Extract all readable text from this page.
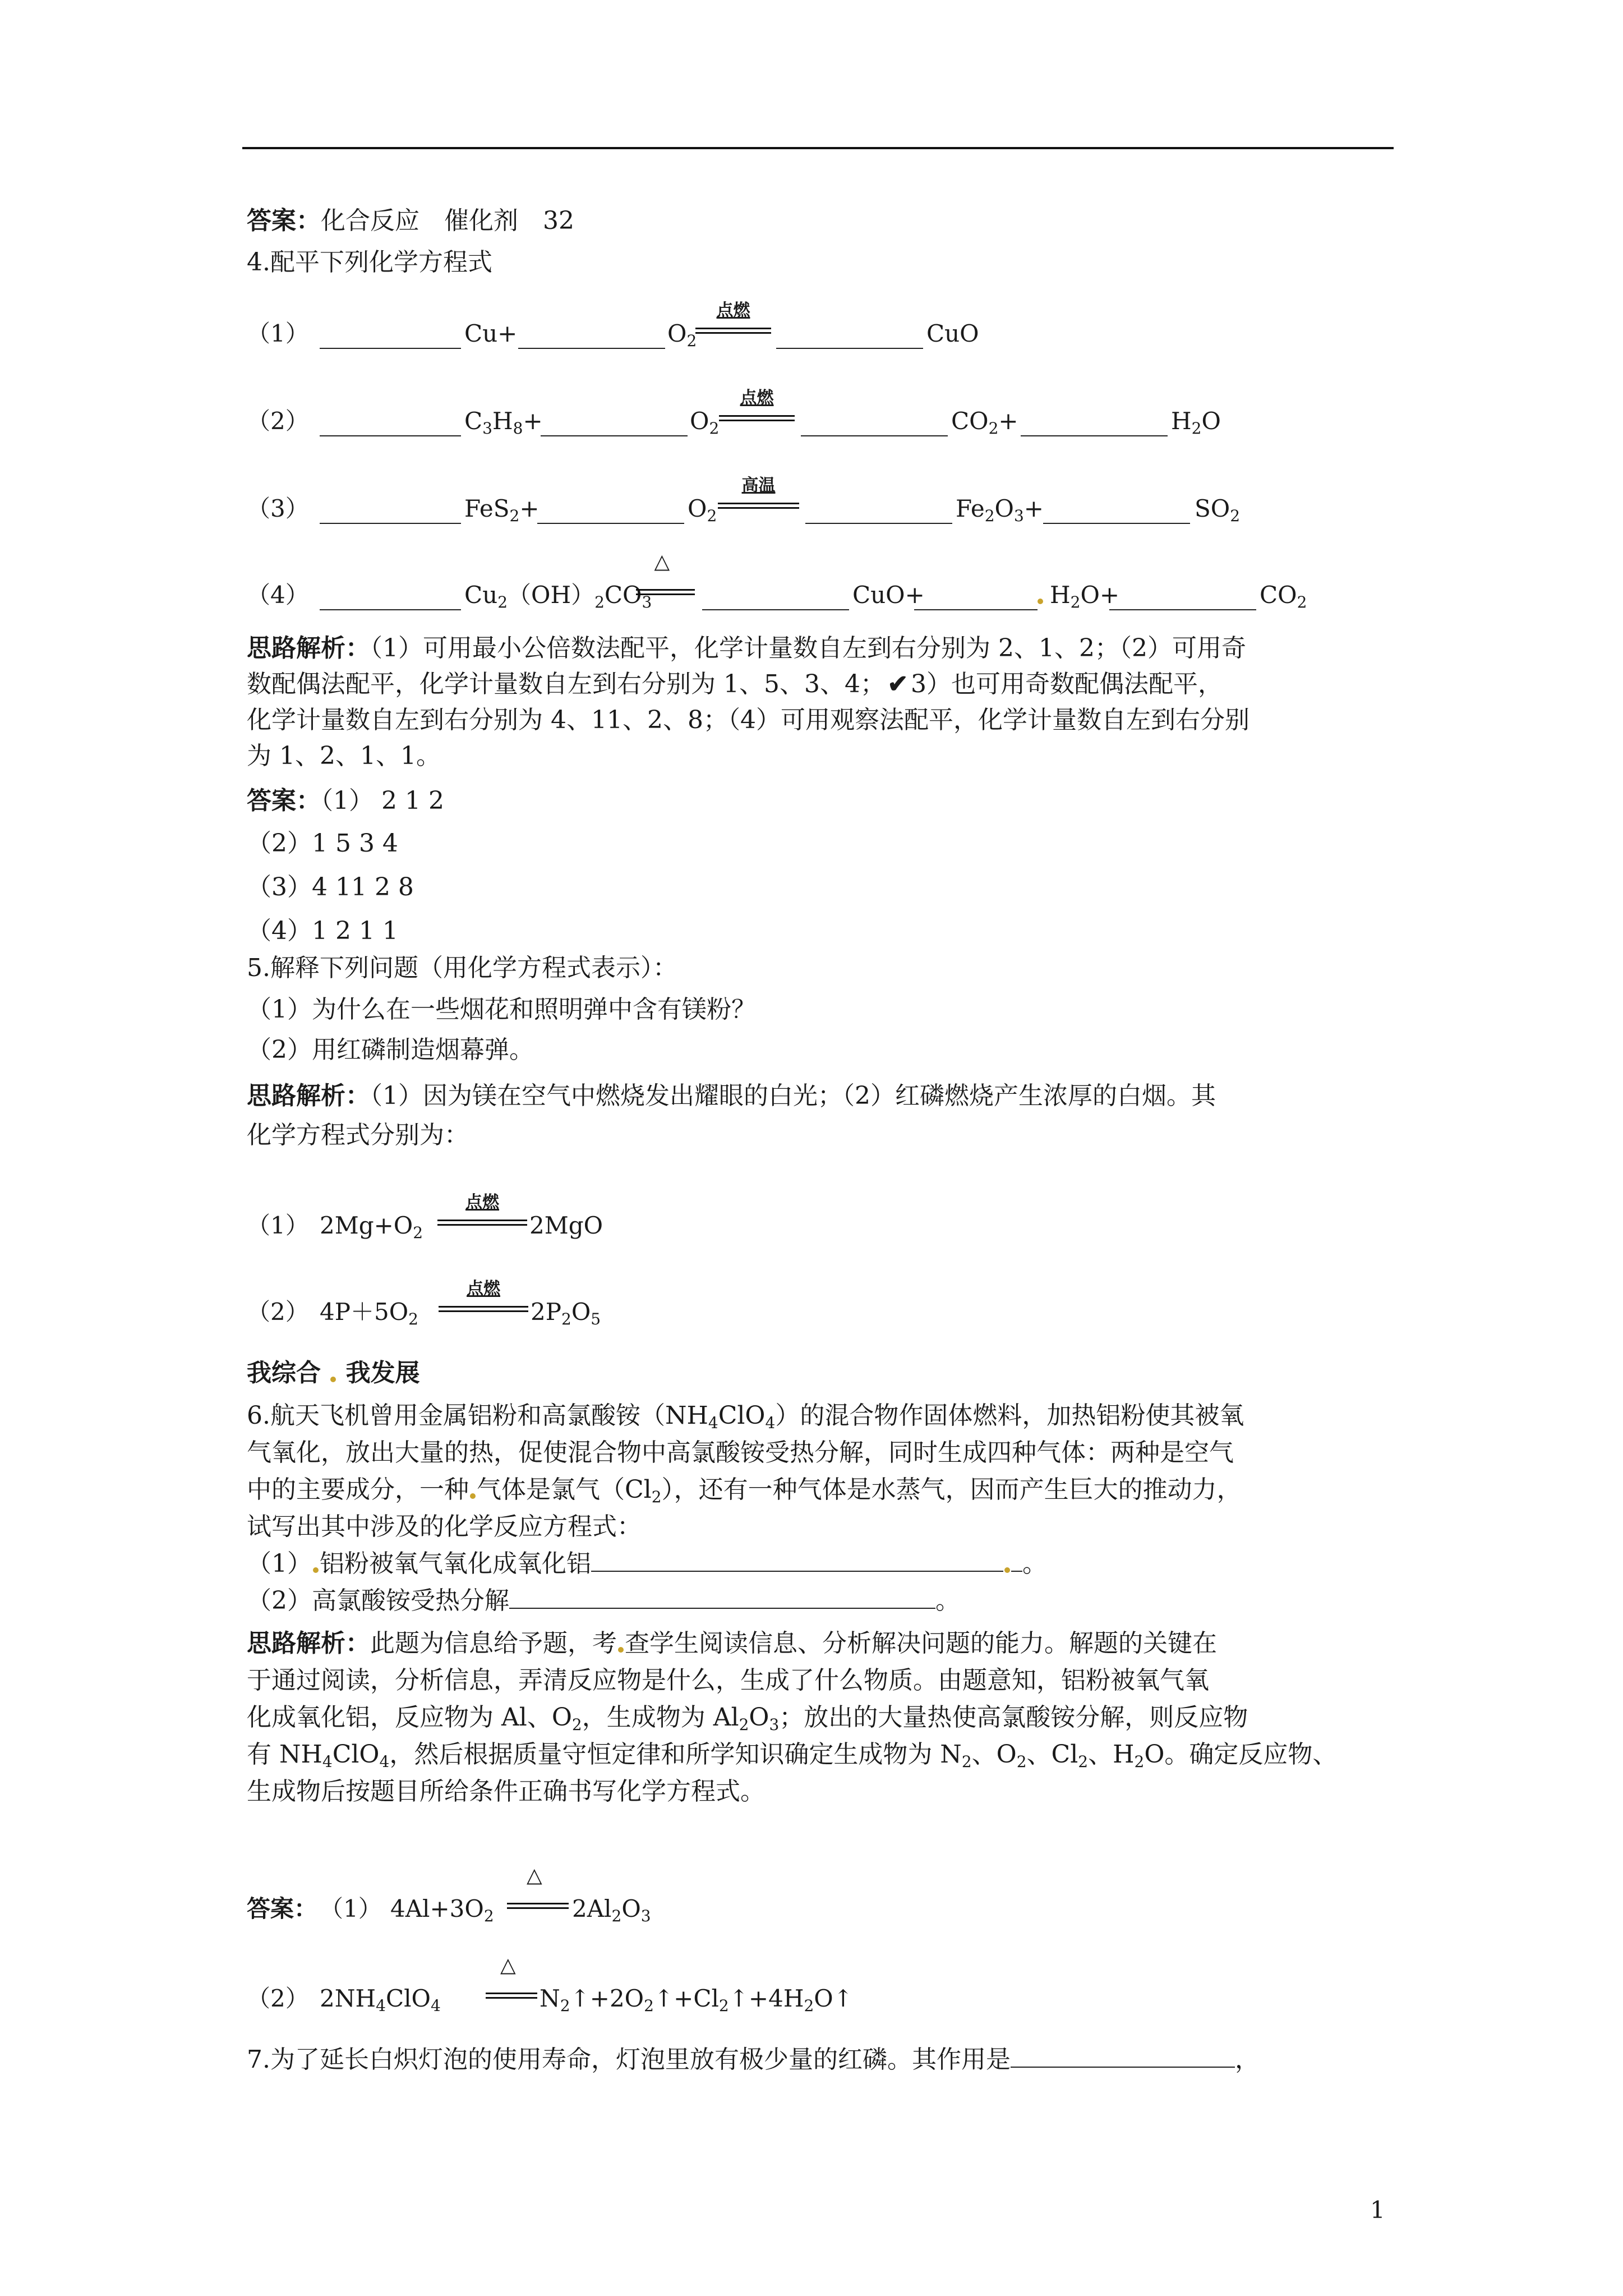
答案：化合反应　催化剂　32
4.配平下列化学方程式
（1）	Cu+	$O_2$
点燃
CuO
（2）	$C_3H_8+$	$O_2$
点燃
$CO_2+$	$H_2O$
（3）	FeS$_2$+	$O_2$
高温
$Fe_2O_3+$	$SO_2$
（4）	$Cu_2(OH)_2CO_3$
△
CuO+	$H_2O+$	$CO_2$
思路解析：（1）可用最小公倍数法配平，化学计量数自左到右分别为 2、1、2；（2）可用奇
数配偶法配平，化学计量数自左到右分别为 1、5、3、4； ✔ 3）也可用奇数配偶法配平，
化学计量数自左到右分别为 4、11、2、8；（4）可用观察法配平，化学计量数自左到右分别
为 1、2、1、1。
答案：（1） 2 1 2
（2）1 5 3 4
（3）4 11 2 8
（4）1 2 1 1
5.解释下列问题（用化学方程式表示）：
（1）为什么在一些烟花和照明弹中含有镁粉？
（2）用红磷制造烟幕弹。
思路解析：（1）因为镁在空气中燃烧发出耀眼的白光；（2）红磷燃烧产生浓厚的白烟。其
化学方程式分别为：
（1） $2Mg+O_2$
点燃
2MgO
（2） $4P+5O_2$
点燃
$2P_2O_5$
我综合 我发展
6.航天飞机曾用金属铝粉和高氯酸铵$(NH_4ClO_4)$的混合物作固体燃料，加热铝粉使其被氧
气氧化，放出大量的热，促使混合物中高氯酸铵受热分解，同时生成四种气体：两种是空气
中的主要成分，一种 气体是氯气$(Cl_2)$，还有一种气体是水蒸气，因而产生巨大的推动力，
试写出其中涉及的化学反应方程式：
（1） 铝粉被氧气氧化成氧化铝	。
（2）高氯酸铵受热分解	。
思路解析：此题为信息给予题，考 查学生阅读信息、分析解决问题的能力。解题的关键在
于通过阅读，分析信息，弄清反应物是什么，生成了什么物质。由题意知，铝粉被氧气氧
化成氧化铝，反应物为 Al、$O_2$，生成物为 $Al_2O_3$；放出的大量热使高氯酸铵分解，则反应物
有 $NH_4ClO_4$，然后根据质量守恒定律和所学知识确定生成物为 $N_2$、$O_2$、$Cl_2$、$H_2O$。确定反应物、
生成物后按题目所给条件正确书写化学方程式。
答案： （1） $4Al+3O_2$
△
$2Al_2O_3$
（2） $2NH_4ClO_4$
△
$N_2↑+2O_2↑+Cl_2↑+4H_2O↑$
7.为了延长白炽灯泡的使用寿命，灯泡里放有极少量的红磷。其作用是	，
1
